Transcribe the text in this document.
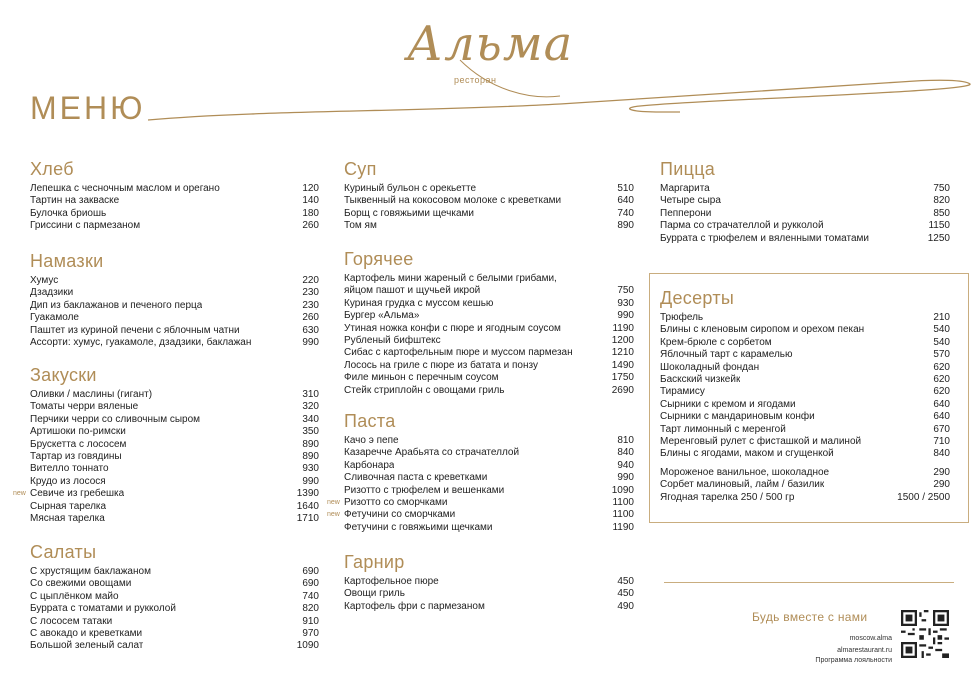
Альма
ресторан
МЕНЮ
Хлеб
Лепешка с чесночным маслом и орегано	120
Тартин на закваске	140
Булочка бриошь	180
Гриссини с пармезаном	260
Намазки
Хумус	220
Дзадзики	230
Дип из баклажанов и печеного перца	230
Гуакамоле	260
Паштет из куриной печени с яблочным чатни	630
Ассорти: хумус, гуакамоле, дзадзики, баклажан	990
Закуски
Оливки / маслины (гигант)	310
Томаты черри вяленые	320
Перчики черри со сливочным сыром	340
Артишоки по-римски	350
Брускетта с лососем	890
Тартар из говядины	890
Вителло тоннато	930
Крудо из лосося	990
new Севиче из гребешка	1390
Сырная тарелка	1640
Мясная тарелка	1710
Салаты
С хрустящим баклажаном	690
Со свежими овощами	690
С цыплёнком майо	740
Буррата с томатами и рукколой	820
С лососем татаки	910
С авокадо и креветками	970
Большой зеленый салат	1090
Суп
Куриный бульон с орекьетте	510
Тыквенный на кокосовом молоке с креветками	640
Борщ с говяжьими щечками	740
Том ям	890
Горячее
Картофель мини жареный с белыми грибами,
яйцом пашот и щучьей икрой	750
Куриная грудка с муссом кешью	930
Бургер «Альма»	990
Утиная ножка конфи с пюре и ягодным соусом	1190
Рубленый бифштекс	1200
Сибас с картофельным пюре и муссом пармезан	1210
Лосось на гриле с пюре из батата и понзу	1490
Филе миньон с перечным соусом	1750
Стейк стриплойн с овощами гриль	2690
Паста
Качо э пепе	810
Казаречче Арабьята со страчателлой	840
Карбонара	940
Сливочная паста с креветками	990
Ризотто с трюфелем и вешенками	1090
new Ризотто со сморчками	1100
new Фетучини со сморчками	1100
Фетучини с говяжьими щечками	1190
Гарнир
Картофельное пюре	450
Овощи гриль	450
Картофель фри с пармезаном	490
Пицца
Маргарита	750
Четыре сыра	820
Пепперони	850
Парма со страчателлой и рукколой	1150
Буррата с трюфелем и вяленными томатами	1250
Десерты
Трюфель	210
Блины с кленовым сиропом и орехом пекан	540
Крем-брюле с сорбетом	540
Яблочный тарт с карамелью	570
Шоколадный фондан	620
Баскский чизкейк	620
Тирамису	620
Сырники с кремом и ягодами	640
Сырники с мандариновым конфи	640
Тарт лимонный с меренгой	670
Меренговый рулет с фисташкой и малиной	710
Блины с ягодами, маком и сгущенкой	840
Мороженое ванильное, шоколадное	290
Сорбет малиновый, лайм / базилик	290
Ягодная тарелка 250 / 500 гр	1500 / 2500
Будь вместе с нами
moscow.alma
almarestaurant.ru
Программа лояльности
